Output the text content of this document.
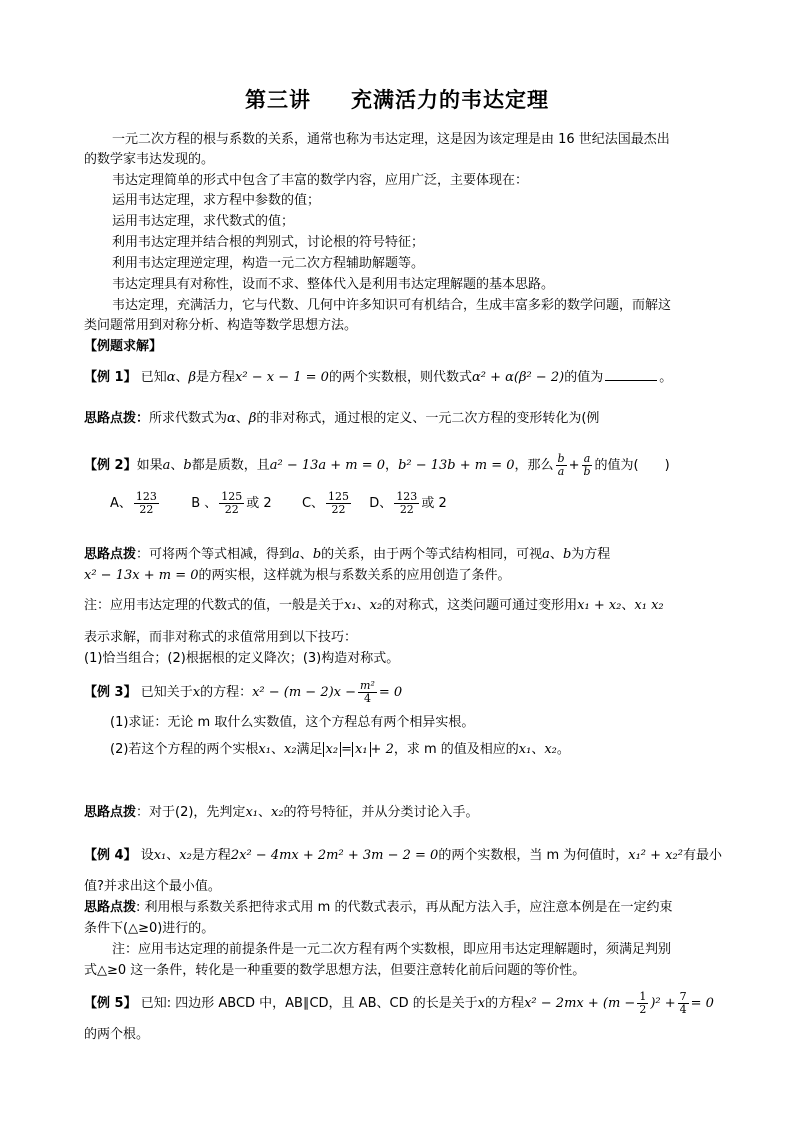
第三讲 充满活力的韦达定理
一元二次方程的根与系数的关系，通常也称为韦达定理，这是因为该定理是由 16 世纪法国最杰出
的数学家韦达发现的。
韦达定理简单的形式中包含了丰富的数学内容，应用广泛，主要体现在：
运用韦达定理，求方程中参数的值；
运用韦达定理，求代数式的值；
利用韦达定理并结合根的判别式，讨论根的符号特征；
利用韦达定理逆定理，构造一元二次方程辅助解题等。
韦达定理具有对称性，设而不求、整体代入是利用韦达定理解题的基本思路。
韦达定理，充满活力，它与代数、几何中许多知识可有机结合，生成丰富多彩的数学问题，而解这
类问题常用到对称分析、构造等数学思想方法。
【例题求解】
【例 1】 已知α、β是方程x² − x − 1 = 0的两个实数根，则代数式α² + α(β² − 2)的值为	。
思路点拨：所求代数式为α、β的非对称式，通过根的定义、一元二次方程的变形转化为(例
【例 2】如果a、b都是质数，且a² − 13a + m = 0，b² − 13b + m = 0，那么 $\frac{b}{a} + \frac{a}{b}$ 的值为(　　)
A、 $\frac{123}{22}$ B 、 $\frac{125}{22}$ 或 2 C、 $\frac{125}{22}$ D、 $\frac{123}{22}$ 或 2
思路点拨：可将两个等式相减，得到a、b的关系，由于两个等式结构相同，可视a、b为方程
x² − 13x + m = 0的两实根，这样就为根与系数关系的应用创造了条件。
注：应用韦达定理的代数式的值，一般是关于x₁、x₂的对称式，这类问题可通过变形用x₁ + x₂、x₁ x₂
表示求解，而非对称式的求值常用到以下技巧：
(1)恰当组合；(2)根据根的定义降次；(3)构造对称式。
【例 3】 已知关于x的方程：$x^2 - (m - 2)x - \frac{\text{m²}}{4} = 0$
(1)求证：无论 m 取什么实数值，这个方程总有两个相异实根。
(2)若这个方程的两个实根x₁、x₂满足 x₂ = x₁ + 2，求 m 的值及相应的x₁、x₂。
思路点拨：对于(2)，先判定x₁、x₂的符号特征，并从分类讨论入手。
【例 4】 设x₁、x₂是方程2x² − 4mx + 2m² + 3m − 2 = 0的两个实数根，当 m 为何值时，x₁² + x₂²有最小
值?并求出这个最小值。
思路点拨: 利用根与系数关系把待求式用 m 的代数式表示，再从配方法入手，应注意本例是在一定约束
条件下(△≥0)进行的。
注：应用韦达定理的前提条件是一元二次方程有两个实数根，即应用韦达定理解题时，须满足判别
式△≥0 这一条件，转化是一种重要的数学思想方法，但要注意转化前后问题的等价性。
【例 5】 已知: 四边形 ABCD 中，AB∥CD，且 AB、CD 的长是关于x的方程$x^2 - 2mx + (m - \frac{1}{2} )^2 + \frac{7}{4} = 0$
的两个根。
